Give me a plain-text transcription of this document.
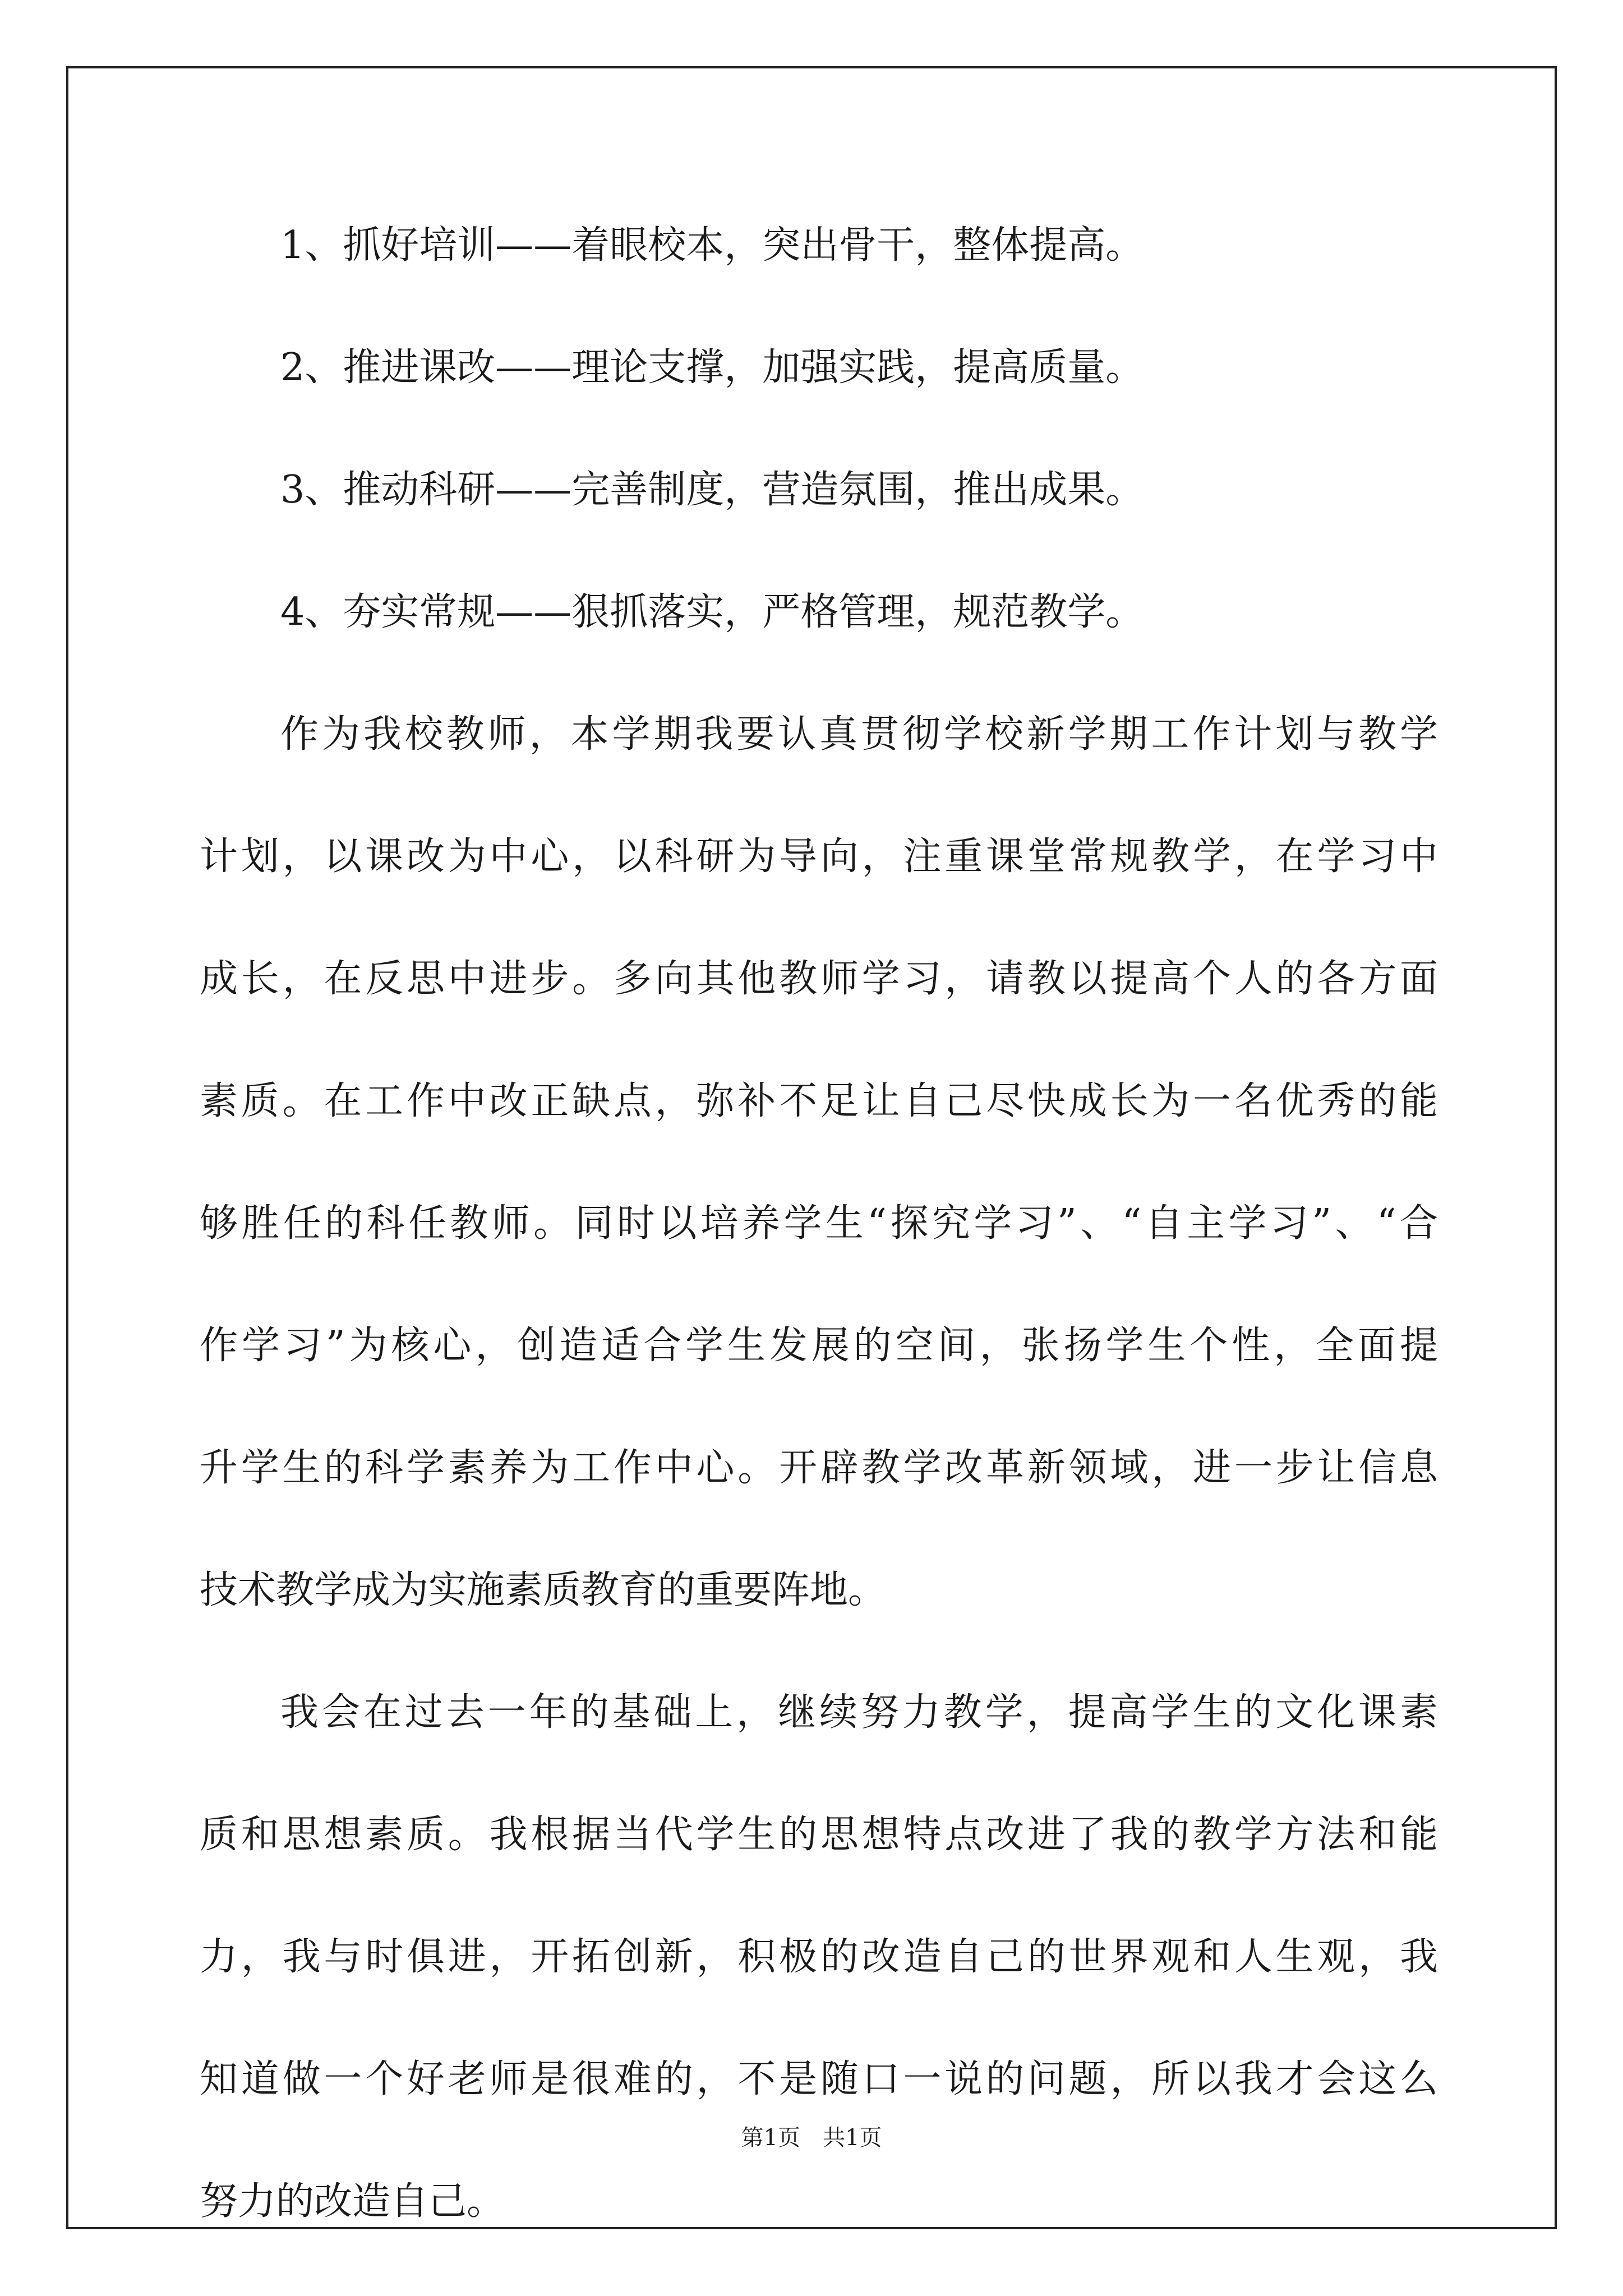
1、抓好培训——着眼校本，突出骨干，整体提高。
2、推进课改——理论支撑，加强实践，提高质量。
3、推动科研——完善制度，营造氛围，推出成果。
4、夯实常规——狠抓落实，严格管理，规范教学。
作为我校教师，本学期我要认真贯彻学校新学期工作计划与教学
计划，以课改为中心，以科研为导向，注重课堂常规教学，在学习中
成长，在反思中进步。多向其他教师学习，请教以提高个人的各方面
素质。在工作中改正缺点，弥补不足让自己尽快成长为一名优秀的能
够胜任的科任教师。同时以培养学生“探究学习”、“自主学习”、“合
作学习”为核心，创造适合学生发展的空间，张扬学生个性，全面提
升学生的科学素养为工作中心。开辟教学改革新领域，进一步让信息
技术教学成为实施素质教育的重要阵地。
我会在过去一年的基础上，继续努力教学，提高学生的文化课素
质和思想素质。我根据当代学生的思想特点改进了我的教学方法和能
力，我与时俱进，开拓创新，积极的改造自己的世界观和人生观，我
知道做一个好老师是很难的，不是随口一说的问题，所以我才会这么
努力的改造自己。
第1页　共1页
